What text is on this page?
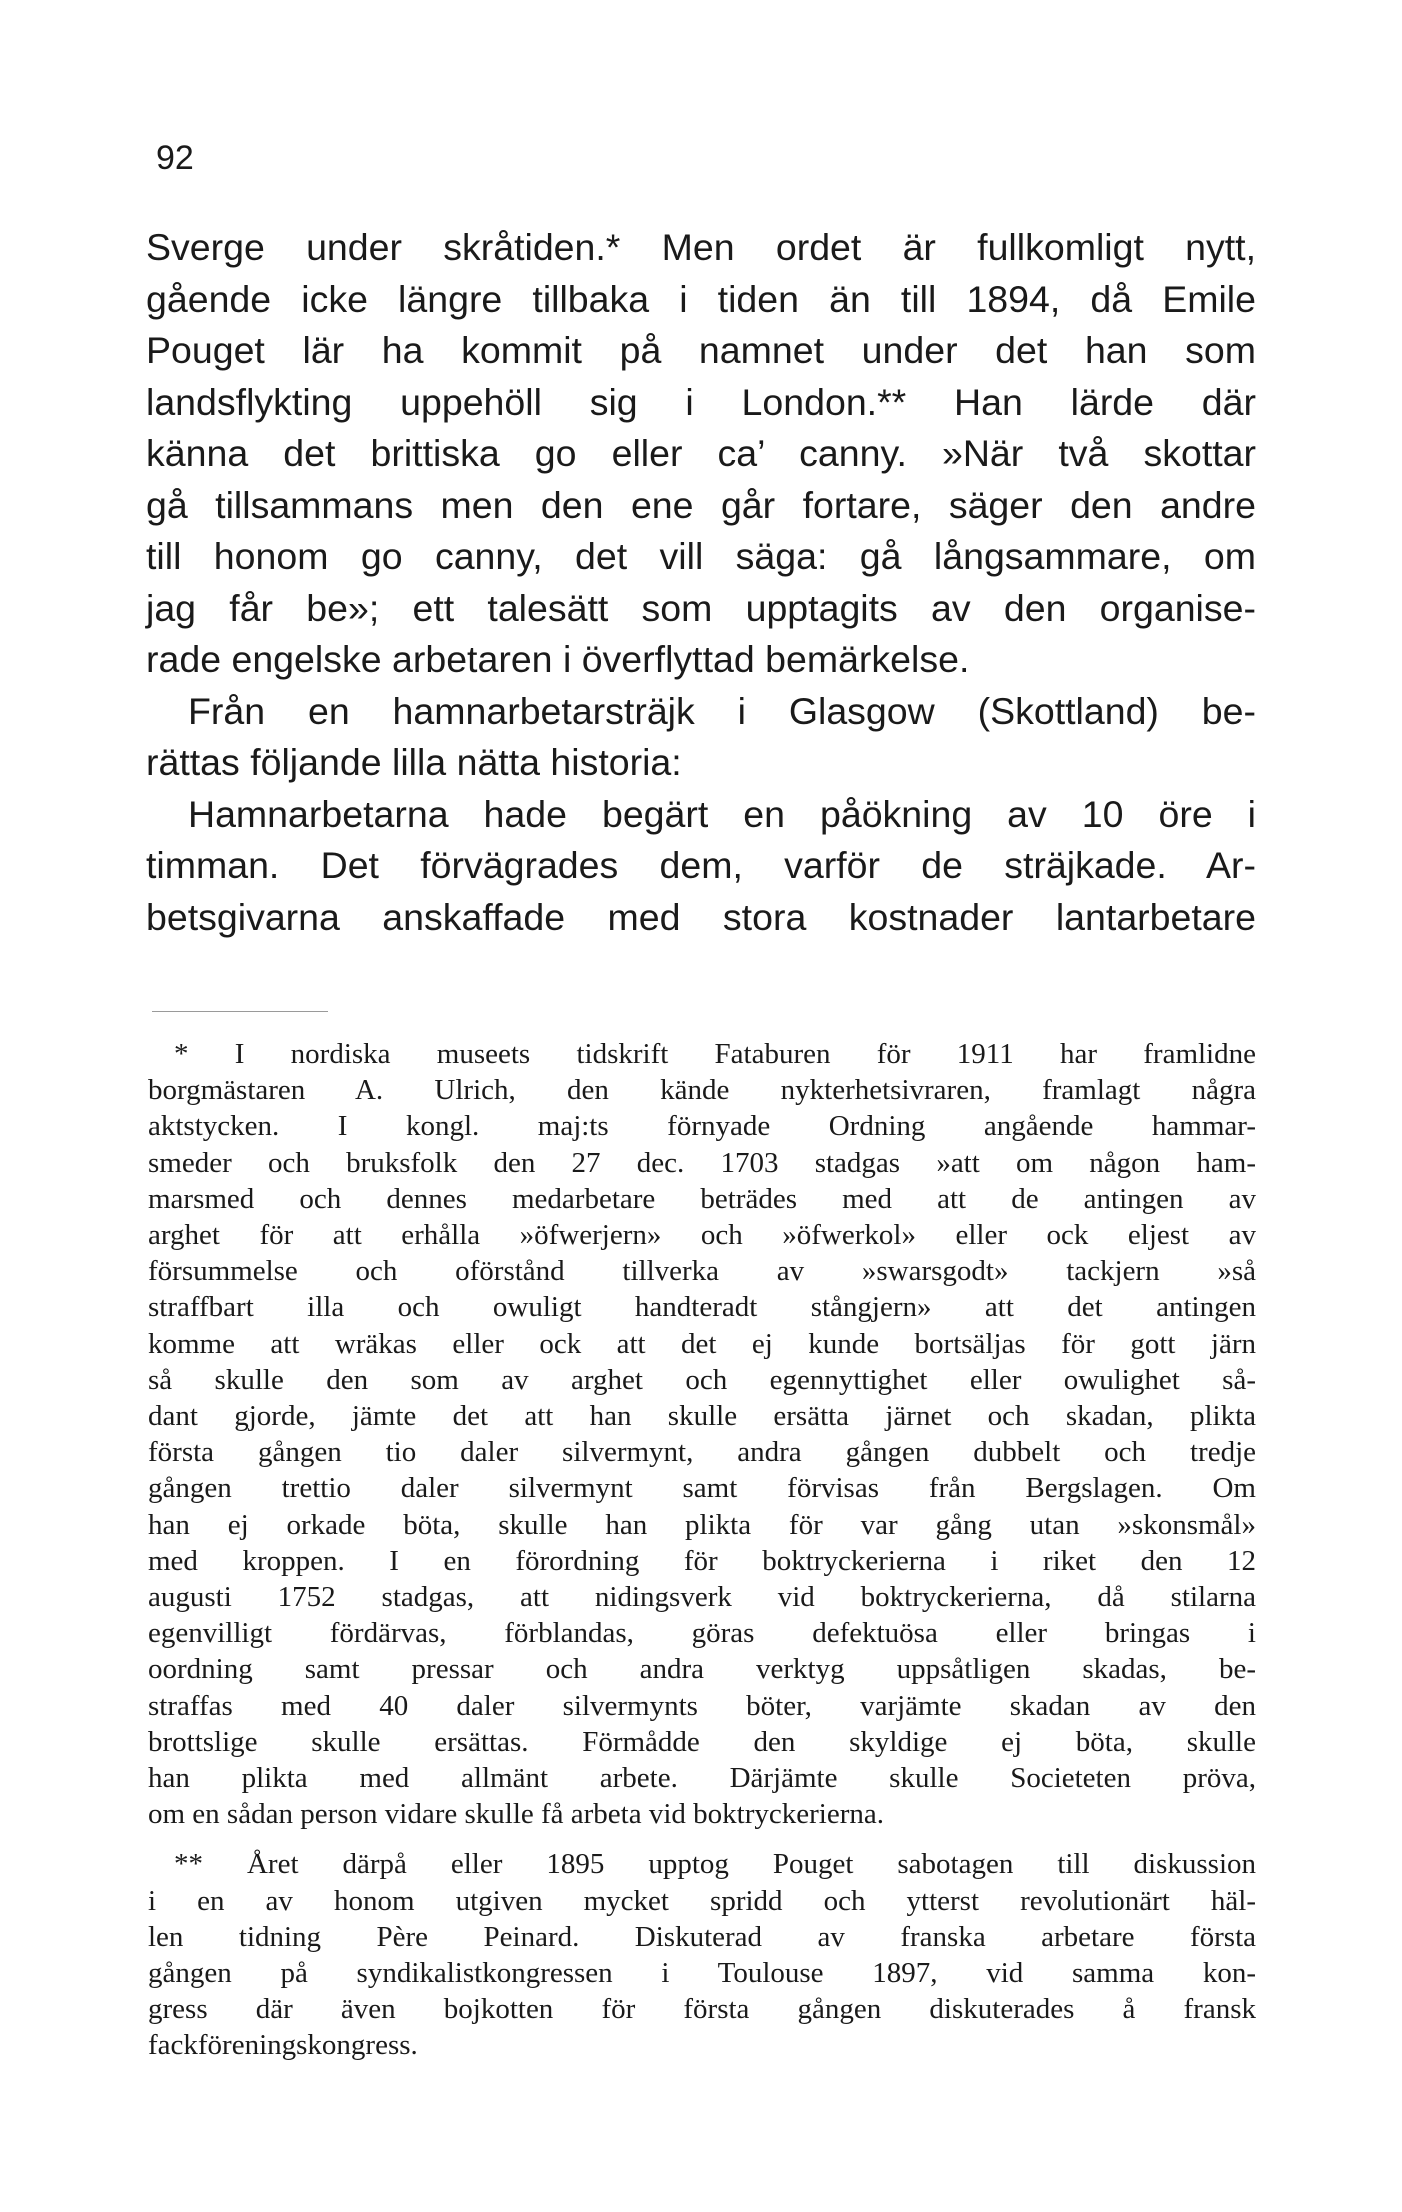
92
Sverge under skråtiden.* Men ordet är fullkomligt nytt,
gående icke längre tillbaka i tiden än till 1894, då Emile
Pouget lär ha kommit på namnet under det han som
landsflykting uppehöll sig i London.** Han lärde där
känna det brittiska go eller ca’ canny. »När två skottar
gå tillsammans men den ene går fortare, säger den andre
till honom go canny, det vill säga: gå långsammare, om
jag får be»; ett talesätt som upptagits av den organise-
rade engelske arbetaren i överflyttad bemärkelse.
Från en hamnarbetarsträjk i Glasgow (Skottland) be-
rättas följande lilla nätta historia:
Hamnarbetarna hade begärt en påökning av 10 öre i
timman. Det förvägrades dem, varför de sträjkade. Ar-
betsgivarna anskaffade med stora kostnader lantarbetare
* I nordiska museets tidskrift Fataburen för 1911 har framlidne
borgmästaren A. Ulrich, den kände nykterhetsivraren, framlagt några
aktstycken. I kongl. maj:ts förnyade Ordning angående hammar-
smeder och bruksfolk den 27 dec. 1703 stadgas »att om någon ham-
marsmed och dennes medarbetare beträdes med att de antingen av
arghet för att erhålla »öfwerjern» och »öfwerkol» eller ock eljest av
försummelse och oförstånd tillverka av »swarsgodt» tackjern »så
straffbart illa och owuligt handteradt stångjern» att det antingen
komme att wräkas eller ock att det ej kunde bortsäljas för gott järn
så skulle den som av arghet och egennyttighet eller owulighet så-
dant gjorde, jämte det att han skulle ersätta järnet och skadan, plikta
första gången tio daler silvermynt, andra gången dubbelt och tredje
gången trettio daler silvermynt samt förvisas från Bergslagen. Om
han ej orkade böta, skulle han plikta för var gång utan »skonsmål»
med kroppen. I en förordning för boktryckerierna i riket den 12
augusti 1752 stadgas, att nidingsverk vid boktryckerierna, då stilarna
egenvilligt fördärvas, förblandas, göras defektuösa eller bringas i
oordning samt pressar och andra verktyg uppsåtligen skadas, be-
straffas med 40 daler silvermynts böter, varjämte skadan av den
brottslige skulle ersättas. Förmådde den skyldige ej böta, skulle
han plikta med allmänt arbete. Därjämte skulle Societeten pröva,
om en sådan person vidare skulle få arbeta vid boktryckerierna.
** Året därpå eller 1895 upptog Pouget sabotagen till diskussion
i en av honom utgiven mycket spridd och ytterst revolutionärt häl-
len tidning Père Peinard. Diskuterad av franska arbetare första
gången på syndikalistkongressen i Toulouse 1897, vid samma kon-
gress där även bojkotten för första gången diskuterades å fransk
fackföreningskongress.
